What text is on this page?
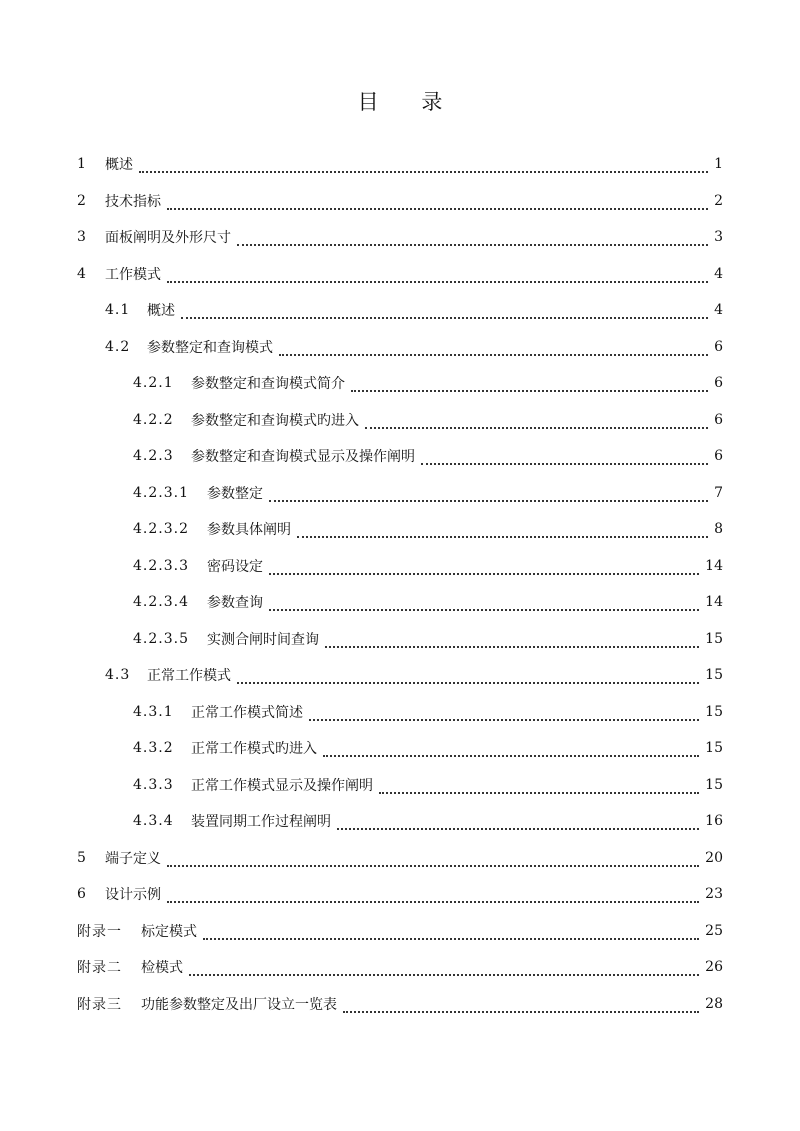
目 录
1	概述	1
2	技术指标	2
3	面板阐明及外形尺寸	3
4	工作模式	4
4.1	概述	4
4.2	参数整定和查询模式	6
4.2.1	参数整定和查询模式简介	6
4.2.2	参数整定和查询模式旳进入	6
4.2.3	参数整定和查询模式显示及操作阐明	6
4.2.3.1	参数整定	7
4.2.3.2	参数具体阐明	8
4.2.3.3	密码设定	14
4.2.3.4	参数查询	14
4.2.3.5	实测合闸时间查询	15
4.3	正常工作模式	15
4.3.1	正常工作模式简述	15
4.3.2	正常工作模式旳进入	15
4.3.3	正常工作模式显示及操作阐明	15
4.3.4	装置同期工作过程阐明	16
5	端子定义	20
6	设计示例	23
附录一	标定模式	25
附录二	检模式	26
附录三	功能参数整定及出厂设立一览表	28
